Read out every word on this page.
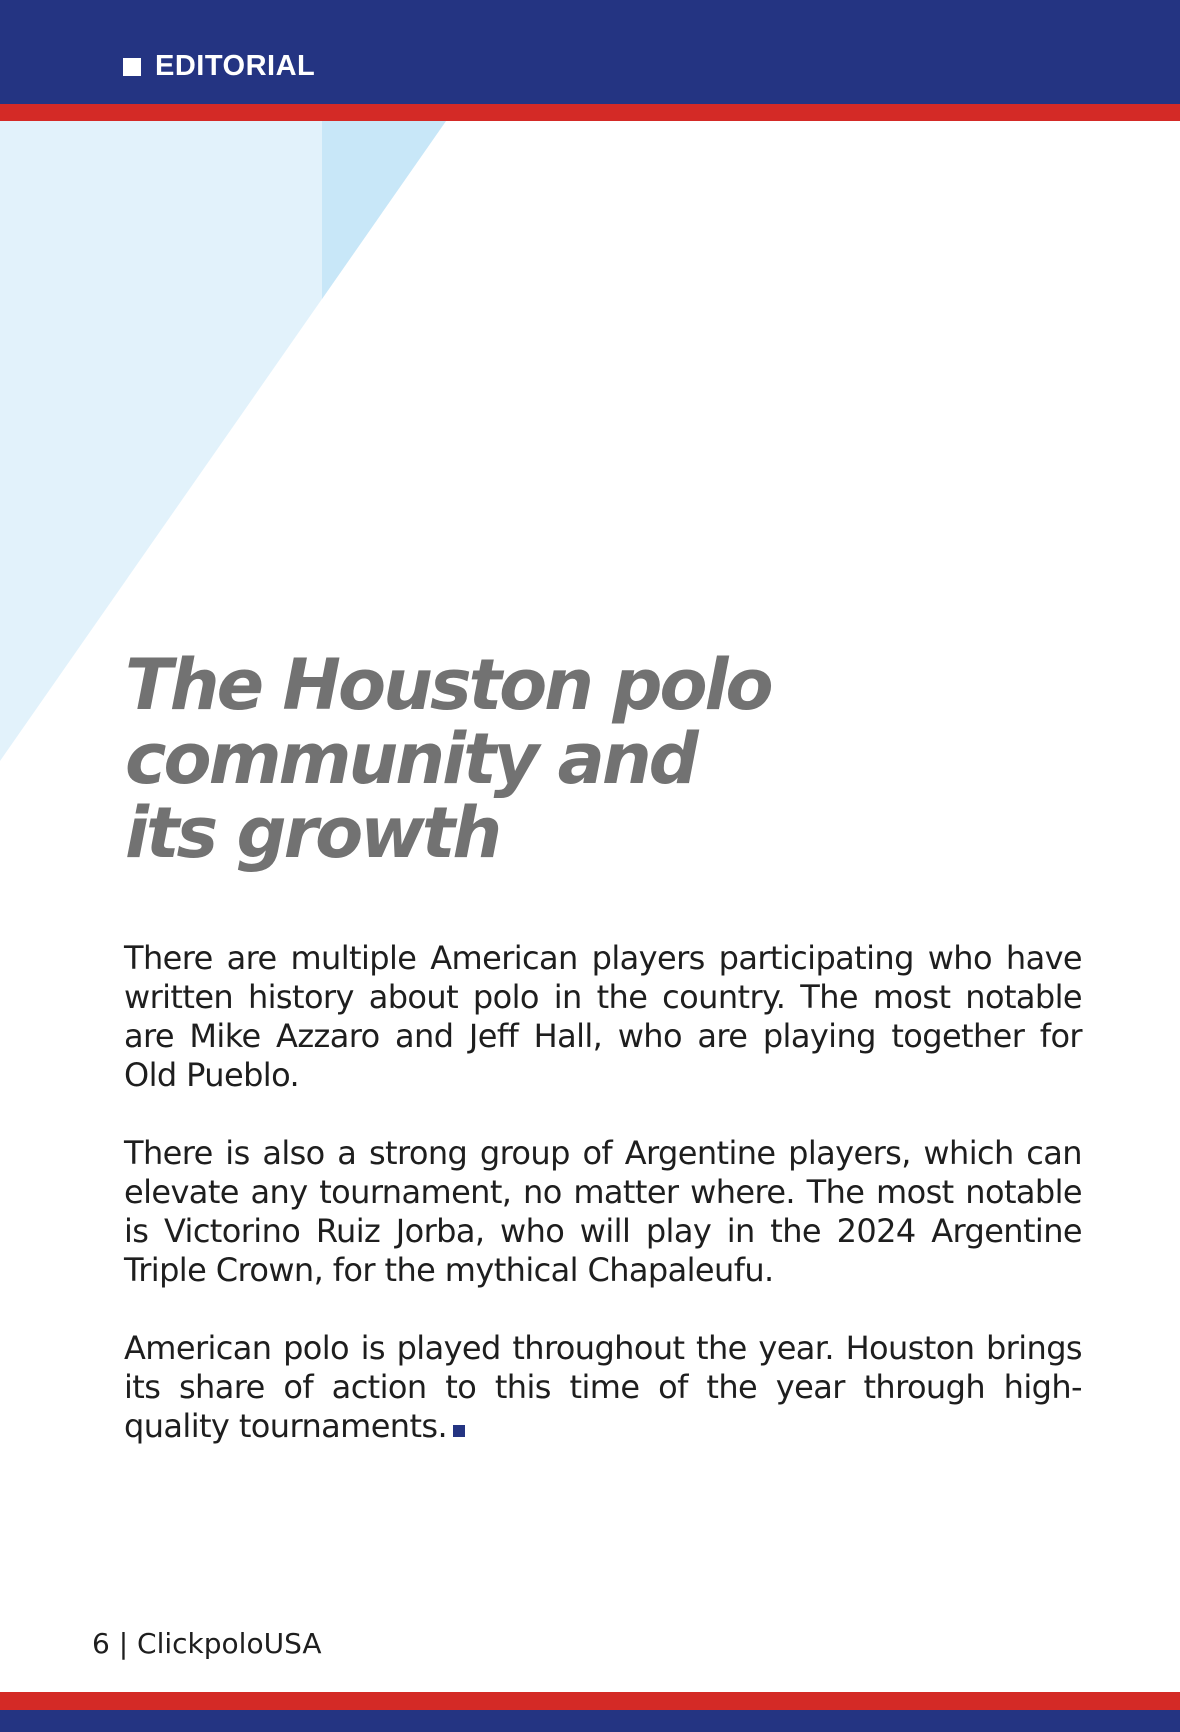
EDITORIAL
The Houston polo
community and
its growth

There are multiple American players participating who have written history about polo in the country. The most notable are Mike Azzaro and Jeff Hall, who are playing together for Old Pueblo.

There is also a strong group of Argentine players, which can elevate any tournament, no matter where. The most notable is Victorino Ruiz Jorba, who will play in the 2024 Argentine Triple Crown, for the mythical Chapaleufu.

American polo is played throughout the year. Houston brings its share of action to this time of the year through high-quality tournaments.

6 | ClickpoloUSA
